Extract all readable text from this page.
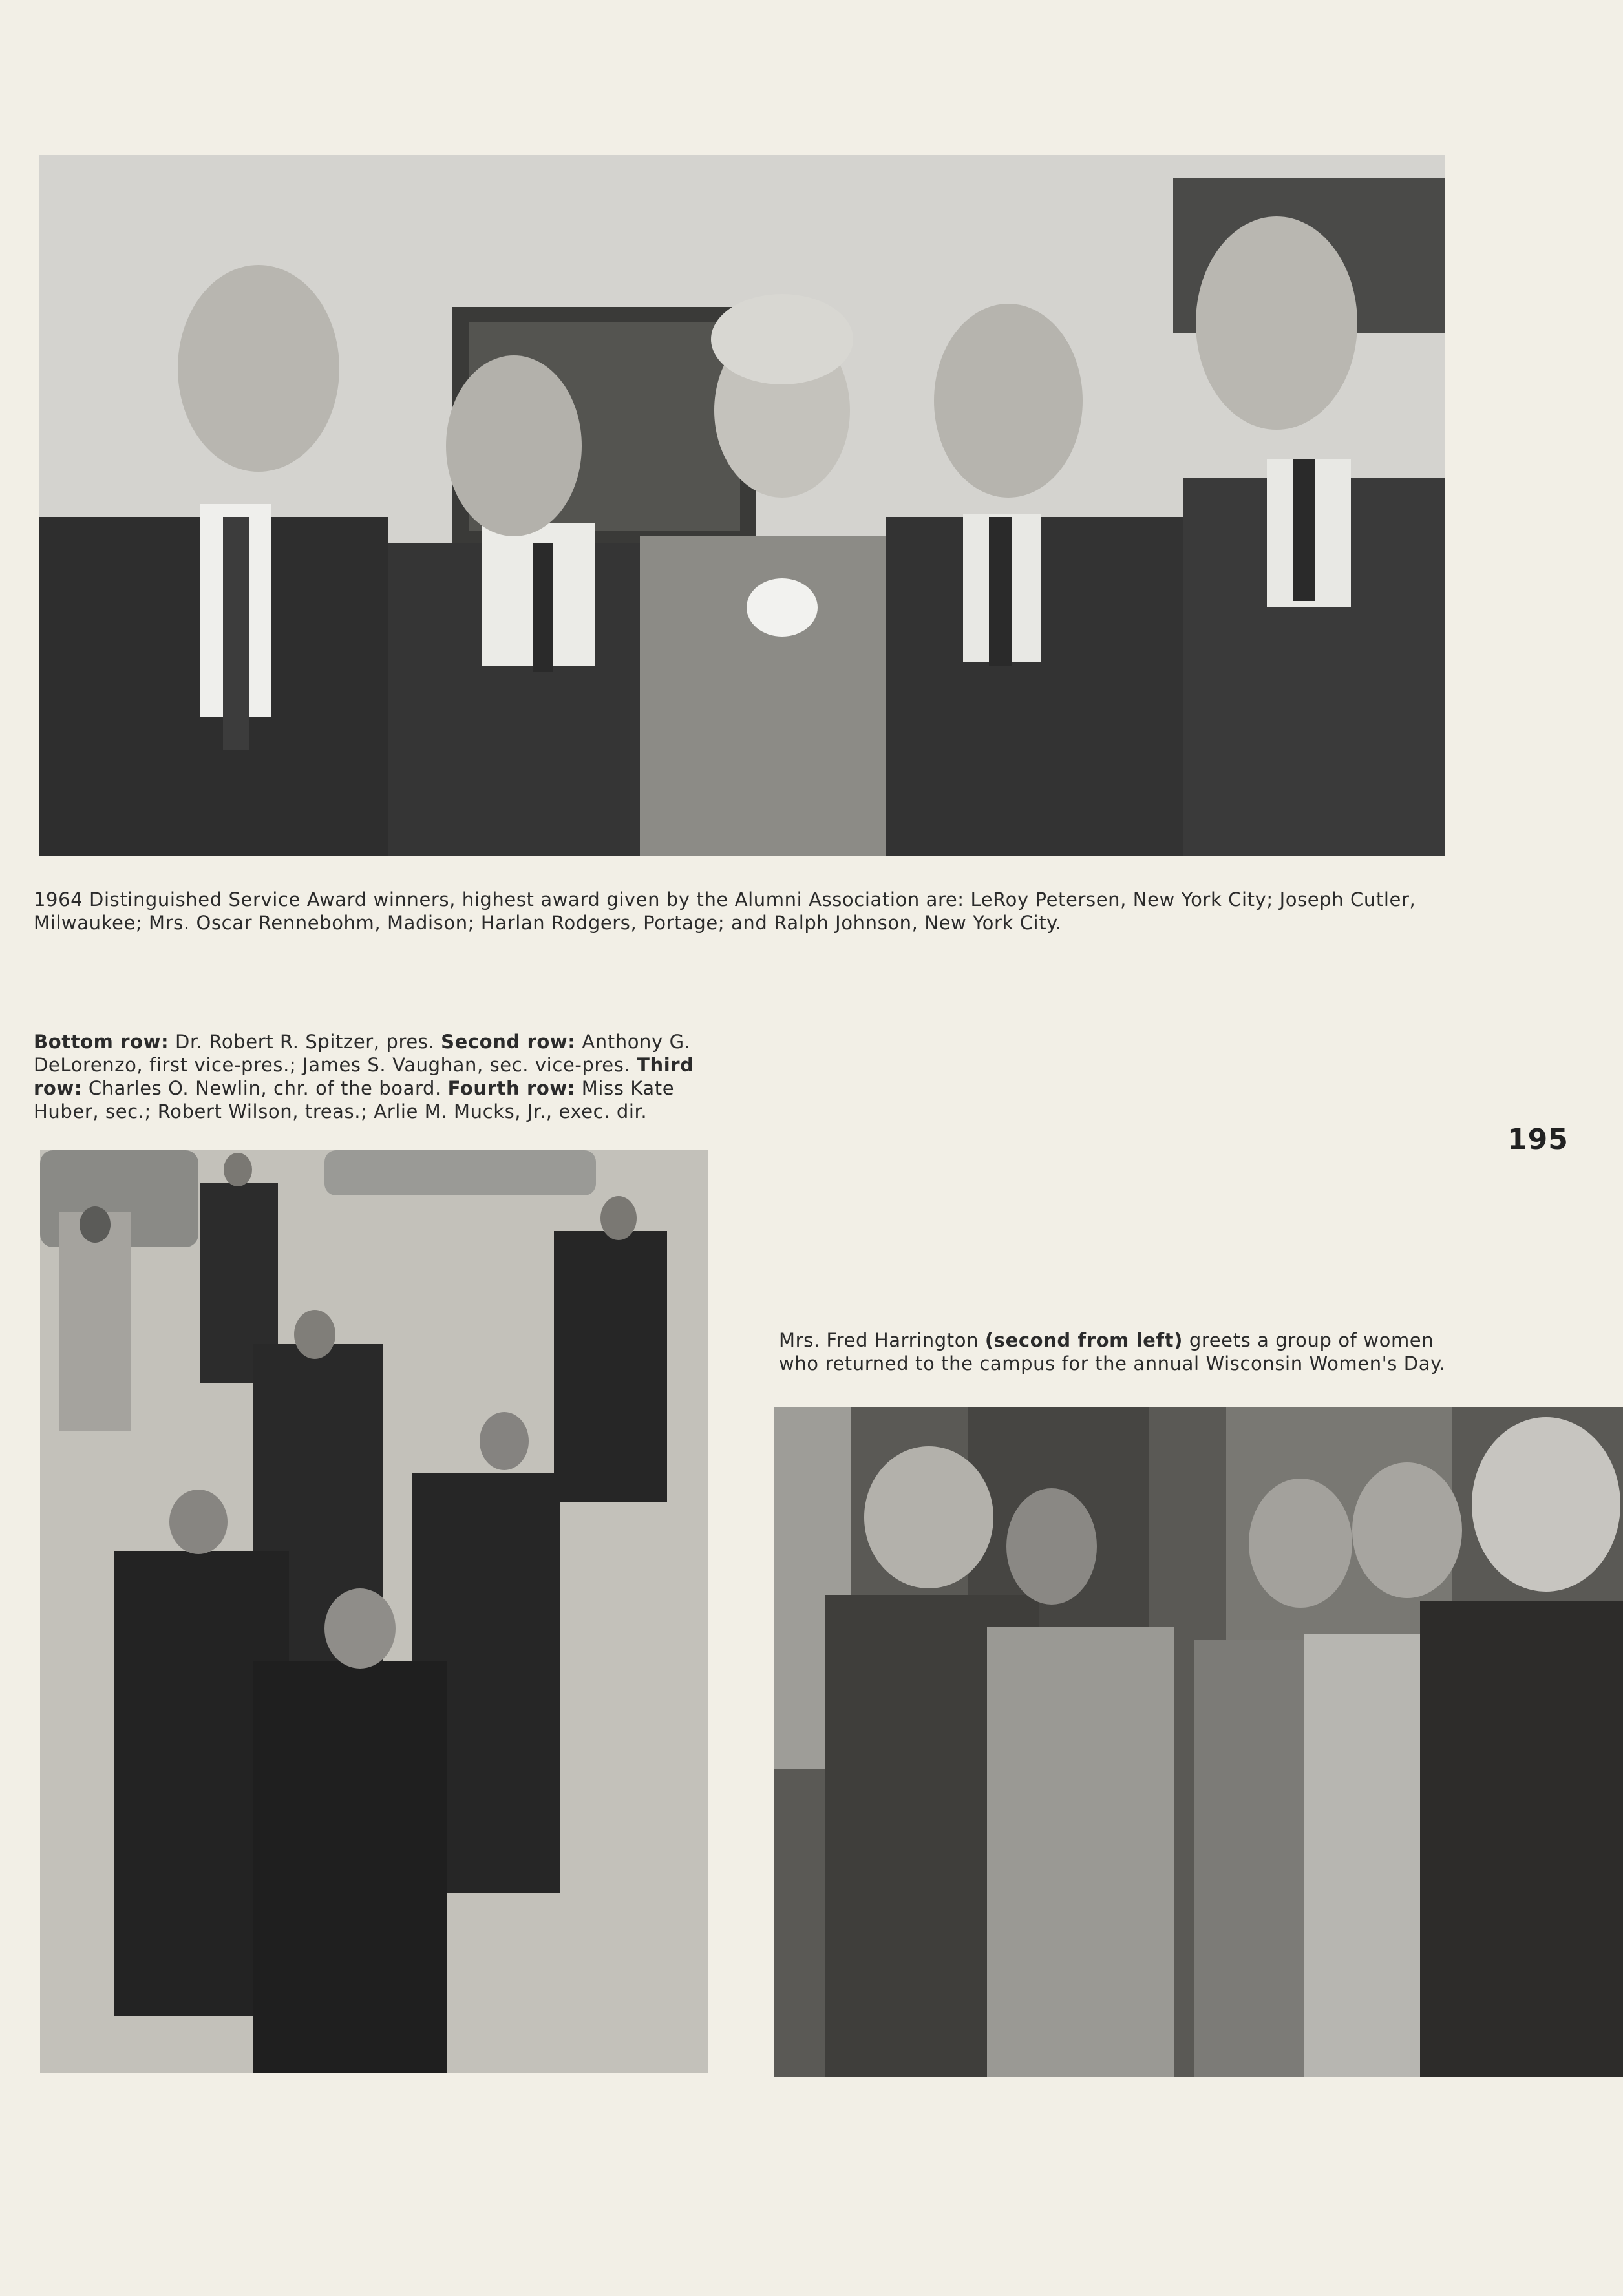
1964 Distinguished Service Award winners, highest award given by the Alumni Association are: LeRoy Petersen, New York City; Joseph Cutler, Milwaukee; Mrs. Oscar Rennebohm, Madison; Harlan Rodgers, Portage; and Ralph Johnson, New York City.
Bottom row: Dr. Robert R. Spitzer, pres. Second row: Anthony G. DeLorenzo, first vice-pres.; James S. Vaughan, sec. vice-pres. Third row: Charles O. Newlin, chr. of the board. Fourth row: Miss Kate Huber, sec.; Robert Wilson, treas.; Arlie M. Mucks, Jr., exec. dir.
195
Mrs. Fred Harrington (second from left) greets a group of women who returned to the campus for the annual Wisconsin Women's Day.
